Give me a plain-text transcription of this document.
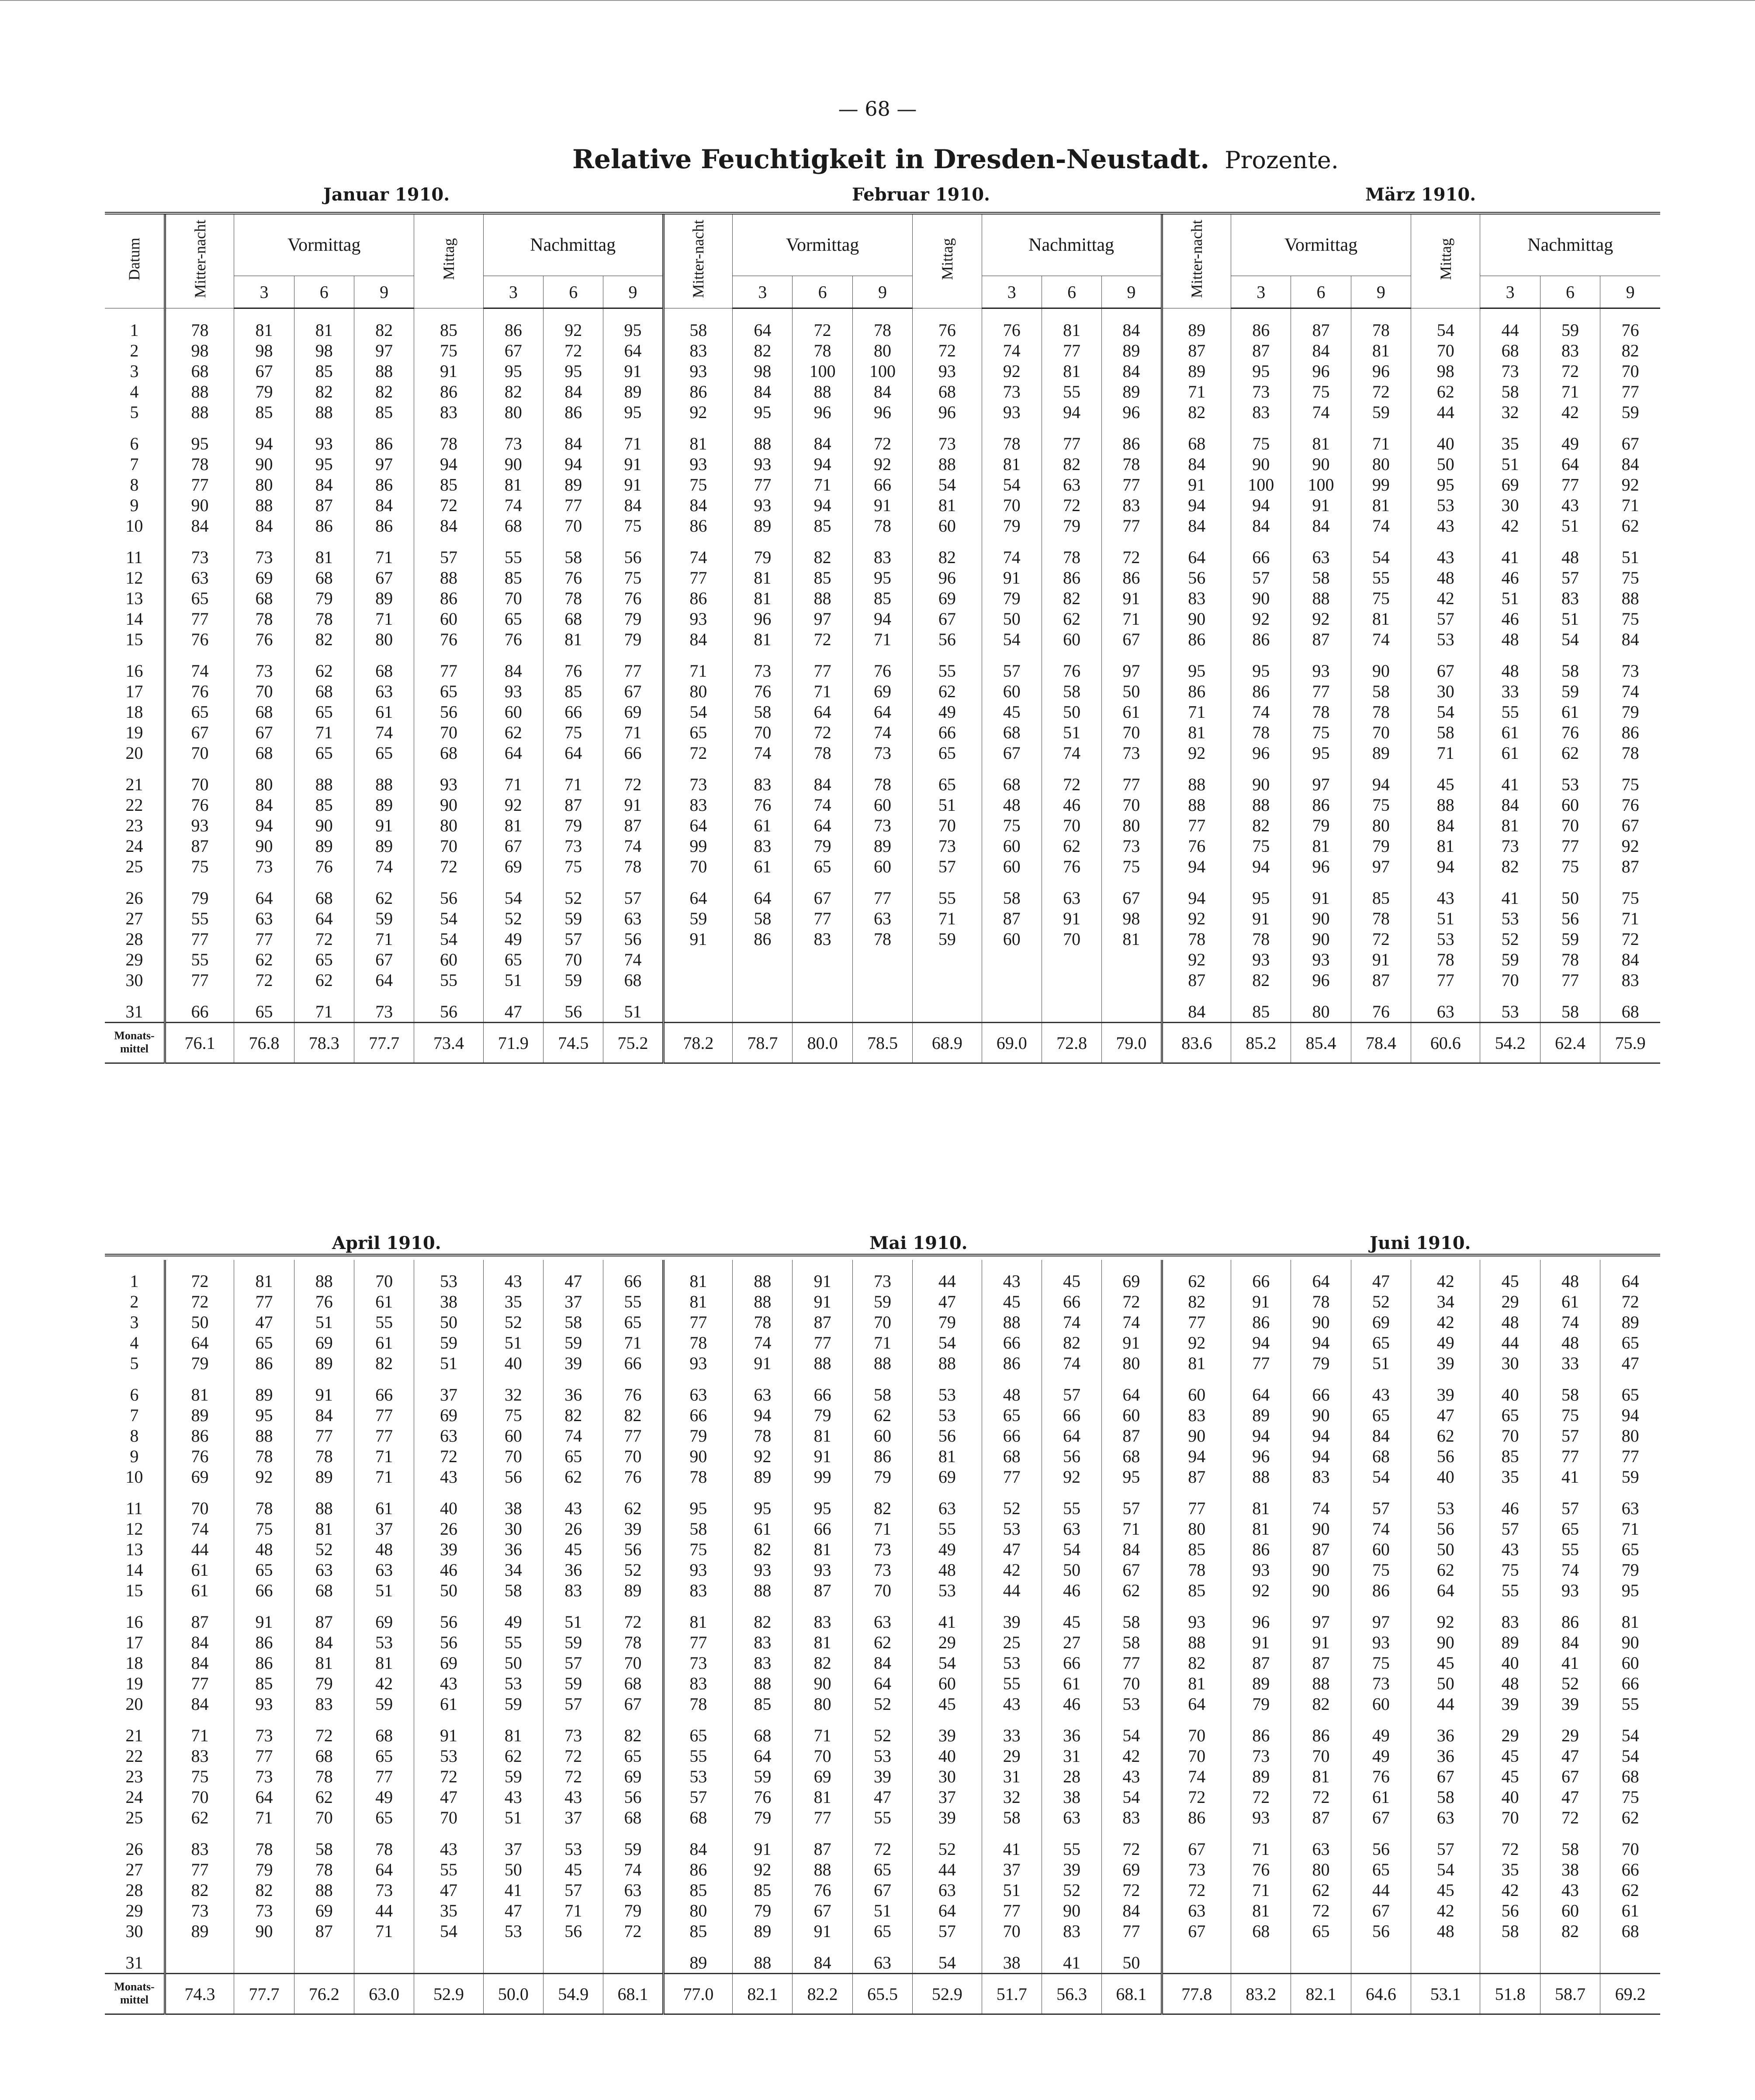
— 68 —
Relative Feuchtigkeit in Dresden-Neustadt. Prozente.
Januar 1910.	Februar 1910.	März 1910.
April 1910.	Mai 1910.	Juni 1910.
Datum	Mitter-nacht	Vormittag			Mittag	Nachmittag			Mitter-nacht	Vormittag			Mittag	Nachmittag			Mitter-nacht	Vormittag			Mittag	Nachmittag		
		3	6	9		3	6	9		3	6	9		3	6	9		3	6	9		3	6	9

1	78	81	81	82	85	86	92	95	58	64	72	78	76	76	81	84	89	86	87	78	54	44	59	76
2	98	98	98	97	75	67	72	64	83	82	78	80	72	74	77	89	87	87	84	81	70	68	83	82
3	68	67	85	88	91	95	95	91	93	98	100	100	93	92	81	84	89	95	96	96	98	73	72	70
4	88	79	82	82	86	82	84	89	86	84	88	84	68	73	55	89	71	73	75	72	62	58	71	77
5	88	85	88	85	83	80	86	95	92	95	96	96	96	93	94	96	82	83	74	59	44	32	42	59

6	95	94	93	86	78	73	84	71	81	88	84	72	73	78	77	86	68	75	81	71	40	35	49	67
7	78	90	95	97	94	90	94	91	93	93	94	92	88	81	82	78	84	90	90	80	50	51	64	84
8	77	80	84	86	85	81	89	91	75	77	71	66	54	54	63	77	91	100	100	99	95	69	77	92
9	90	88	87	84	72	74	77	84	84	93	94	91	81	70	72	83	94	94	91	81	53	30	43	71
10	84	84	86	86	84	68	70	75	86	89	85	78	60	79	79	77	84	84	84	74	43	42	51	62

11	73	73	81	71	57	55	58	56	74	79	82	83	82	74	78	72	64	66	63	54	43	41	48	51
12	63	69	68	67	88	85	76	75	77	81	85	95	96	91	86	86	56	57	58	55	48	46	57	75
13	65	68	79	89	86	70	78	76	86	81	88	85	69	79	82	91	83	90	88	75	42	51	83	88
14	77	78	78	71	60	65	68	79	93	96	97	94	67	50	62	71	90	92	92	81	57	46	51	75
15	76	76	82	80	76	76	81	79	84	81	72	71	56	54	60	67	86	86	87	74	53	48	54	84

16	74	73	62	68	77	84	76	77	71	73	77	76	55	57	76	97	95	95	93	90	67	48	58	73
17	76	70	68	63	65	93	85	67	80	76	71	69	62	60	58	50	86	86	77	58	30	33	59	74
18	65	68	65	61	56	60	66	69	54	58	64	64	49	45	50	61	71	74	78	78	54	55	61	79
19	67	67	71	74	70	62	75	71	65	70	72	74	66	68	51	70	81	78	75	70	58	61	76	86
20	70	68	65	65	68	64	64	66	72	74	78	73	65	67	74	73	92	96	95	89	71	61	62	78

21	70	80	88	88	93	71	71	72	73	83	84	78	65	68	72	77	88	90	97	94	45	41	53	75
22	76	84	85	89	90	92	87	91	83	76	74	60	51	48	46	70	88	88	86	75	88	84	60	76
23	93	94	90	91	80	81	79	87	64	61	64	73	70	75	70	80	77	82	79	80	84	81	70	67
24	87	90	89	89	70	67	73	74	99	83	79	89	73	60	62	73	76	75	81	79	81	73	77	92
25	75	73	76	74	72	69	75	78	70	61	65	60	57	60	76	75	94	94	96	97	94	82	75	87

26	79	64	68	62	56	54	52	57	64	64	67	77	55	58	63	67	94	95	91	85	43	41	50	75
27	55	63	64	59	54	52	59	63	59	58	77	63	71	87	91	98	92	91	90	78	51	53	56	71
28	77	77	72	71	54	49	57	56	91	86	83	78	59	60	70	81	78	78	90	72	53	52	59	72
29	55	62	65	67	60	65	70	74									92	93	93	91	78	59	78	84
30	77	72	62	64	55	51	59	68									87	82	96	87	77	70	77	83

31	66	65	71	73	56	47	56	51									84	85	80	76	63	53	58	68
Monats-
mittel	76.1	76.8	78.3	77.7	73.4	71.9	74.5	75.2	78.2	78.7	80.0	78.5	68.9	69.0	72.8	79.0	83.6	85.2	85.4	78.4	60.6	54.2	62.4	75.9

1	72	81	88	70	53	43	47	66	81	88	91	73	44	43	45	69	62	66	64	47	42	45	48	64
2	72	77	76	61	38	35	37	55	81	88	91	59	47	45	66	72	82	91	78	52	34	29	61	72
3	50	47	51	55	50	52	58	65	77	78	87	70	79	88	74	74	77	86	90	69	42	48	74	89
4	64	65	69	61	59	51	59	71	78	74	77	71	54	66	82	91	92	94	94	65	49	44	48	65
5	79	86	89	82	51	40	39	66	93	91	88	88	88	86	74	80	81	77	79	51	39	30	33	47

6	81	89	91	66	37	32	36	76	63	63	66	58	53	48	57	64	60	64	66	43	39	40	58	65
7	89	95	84	77	69	75	82	82	66	94	79	62	53	65	66	60	83	89	90	65	47	65	75	94
8	86	88	77	77	63	60	74	77	79	78	81	60	56	66	64	87	90	94	94	84	62	70	57	80
9	76	78	78	71	72	70	65	70	90	92	91	86	81	68	56	68	94	96	94	68	56	85	77	77
10	69	92	89	71	43	56	62	76	78	89	99	79	69	77	92	95	87	88	83	54	40	35	41	59

11	70	78	88	61	40	38	43	62	95	95	95	82	63	52	55	57	77	81	74	57	53	46	57	63
12	74	75	81	37	26	30	26	39	58	61	66	71	55	53	63	71	80	81	90	74	56	57	65	71
13	44	48	52	48	39	36	45	56	75	82	81	73	49	47	54	84	85	86	87	60	50	43	55	65
14	61	65	63	63	46	34	36	52	93	93	93	73	48	42	50	67	78	93	90	75	62	75	74	79
15	61	66	68	51	50	58	83	89	83	88	87	70	53	44	46	62	85	92	90	86	64	55	93	95

16	87	91	87	69	56	49	51	72	81	82	83	63	41	39	45	58	93	96	97	97	92	83	86	81
17	84	86	84	53	56	55	59	78	77	83	81	62	29	25	27	58	88	91	91	93	90	89	84	90
18	84	86	81	81	69	50	57	70	73	83	82	84	54	53	66	77	82	87	87	75	45	40	41	60
19	77	85	79	42	43	53	59	68	83	88	90	64	60	55	61	70	81	89	88	73	50	48	52	66
20	84	93	83	59	61	59	57	67	78	85	80	52	45	43	46	53	64	79	82	60	44	39	39	55

21	71	73	72	68	91	81	73	82	65	68	71	52	39	33	36	54	70	86	86	49	36	29	29	54
22	83	77	68	65	53	62	72	65	55	64	70	53	40	29	31	42	70	73	70	49	36	45	47	54
23	75	73	78	77	72	59	72	69	53	59	69	39	30	31	28	43	74	89	81	76	67	45	67	68
24	70	64	62	49	47	43	43	56	57	76	81	47	37	32	38	54	72	72	72	61	58	40	47	75
25	62	71	70	65	70	51	37	68	68	79	77	55	39	58	63	83	86	93	87	67	63	70	72	62

26	83	78	58	78	43	37	53	59	84	91	87	72	52	41	55	72	67	71	63	56	57	72	58	70
27	77	79	78	64	55	50	45	74	86	92	88	65	44	37	39	69	73	76	80	65	54	35	38	66
28	82	82	88	73	47	41	57	63	85	85	76	67	63	51	52	72	72	71	62	44	45	42	43	62
29	73	73	69	44	35	47	71	79	80	79	67	51	64	77	90	84	63	81	72	67	42	56	60	61
30	89	90	87	71	54	53	56	72	85	89	91	65	57	70	83	77	67	68	65	56	48	58	82	68

31									89	88	84	63	54	38	41	50								
Monats-
mittel	74.3	77.7	76.2	63.0	52.9	50.0	54.9	68.1	77.0	82.1	82.2	65.5	52.9	51.7	56.3	68.1	77.8	83.2	82.1	64.6	53.1	51.8	58.7	69.2
